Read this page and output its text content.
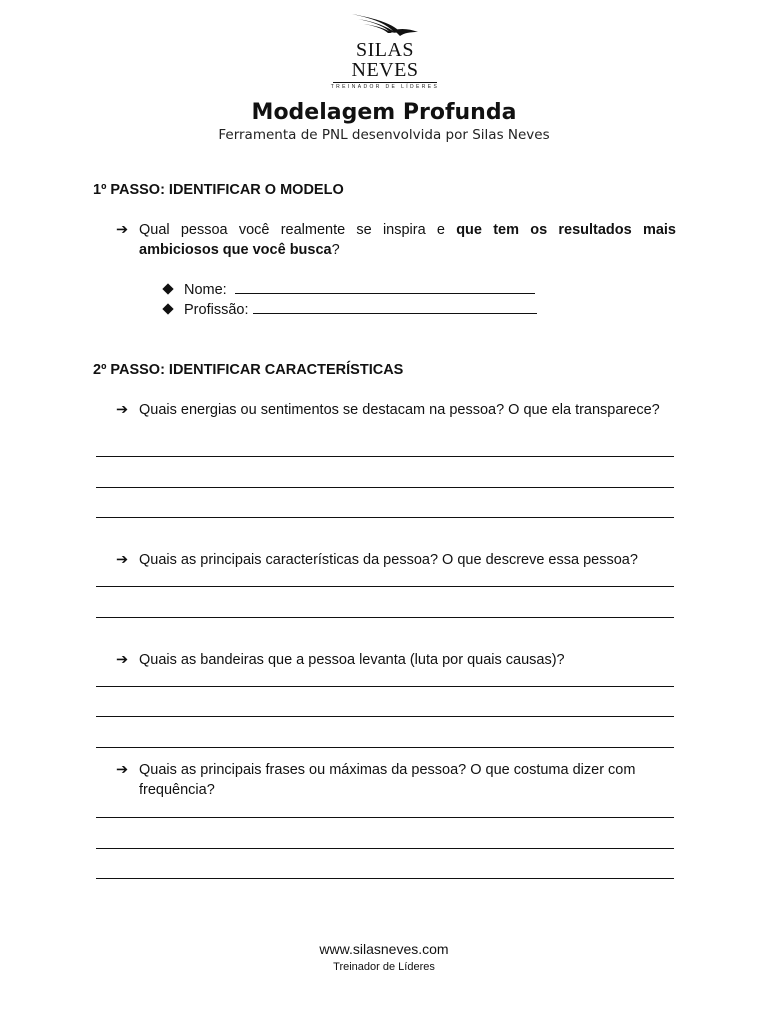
SILAS NEVES
TREINADOR DE LÍDERES
Modelagem Profunda
Ferramenta de PNL desenvolvida por Silas Neves
1º PASSO: IDENTIFICAR O MODELO
➔ Qual pessoa você realmente se inspira e que tem os resultados mais ambiciosos que você busca?
Nome:
Profissão:
2º PASSO: IDENTIFICAR CARACTERÍSTICAS
➔ Quais energias ou sentimentos se destacam na pessoa? O que ela transparece?
➔ Quais as principais características da pessoa? O que descreve essa pessoa?
➔ Quais as bandeiras que a pessoa levanta (luta por quais causas)?
➔ Quais as principais frases ou máximas da pessoa? O que costuma dizer com frequência?
www.silasneves.com
Treinador de Líderes
